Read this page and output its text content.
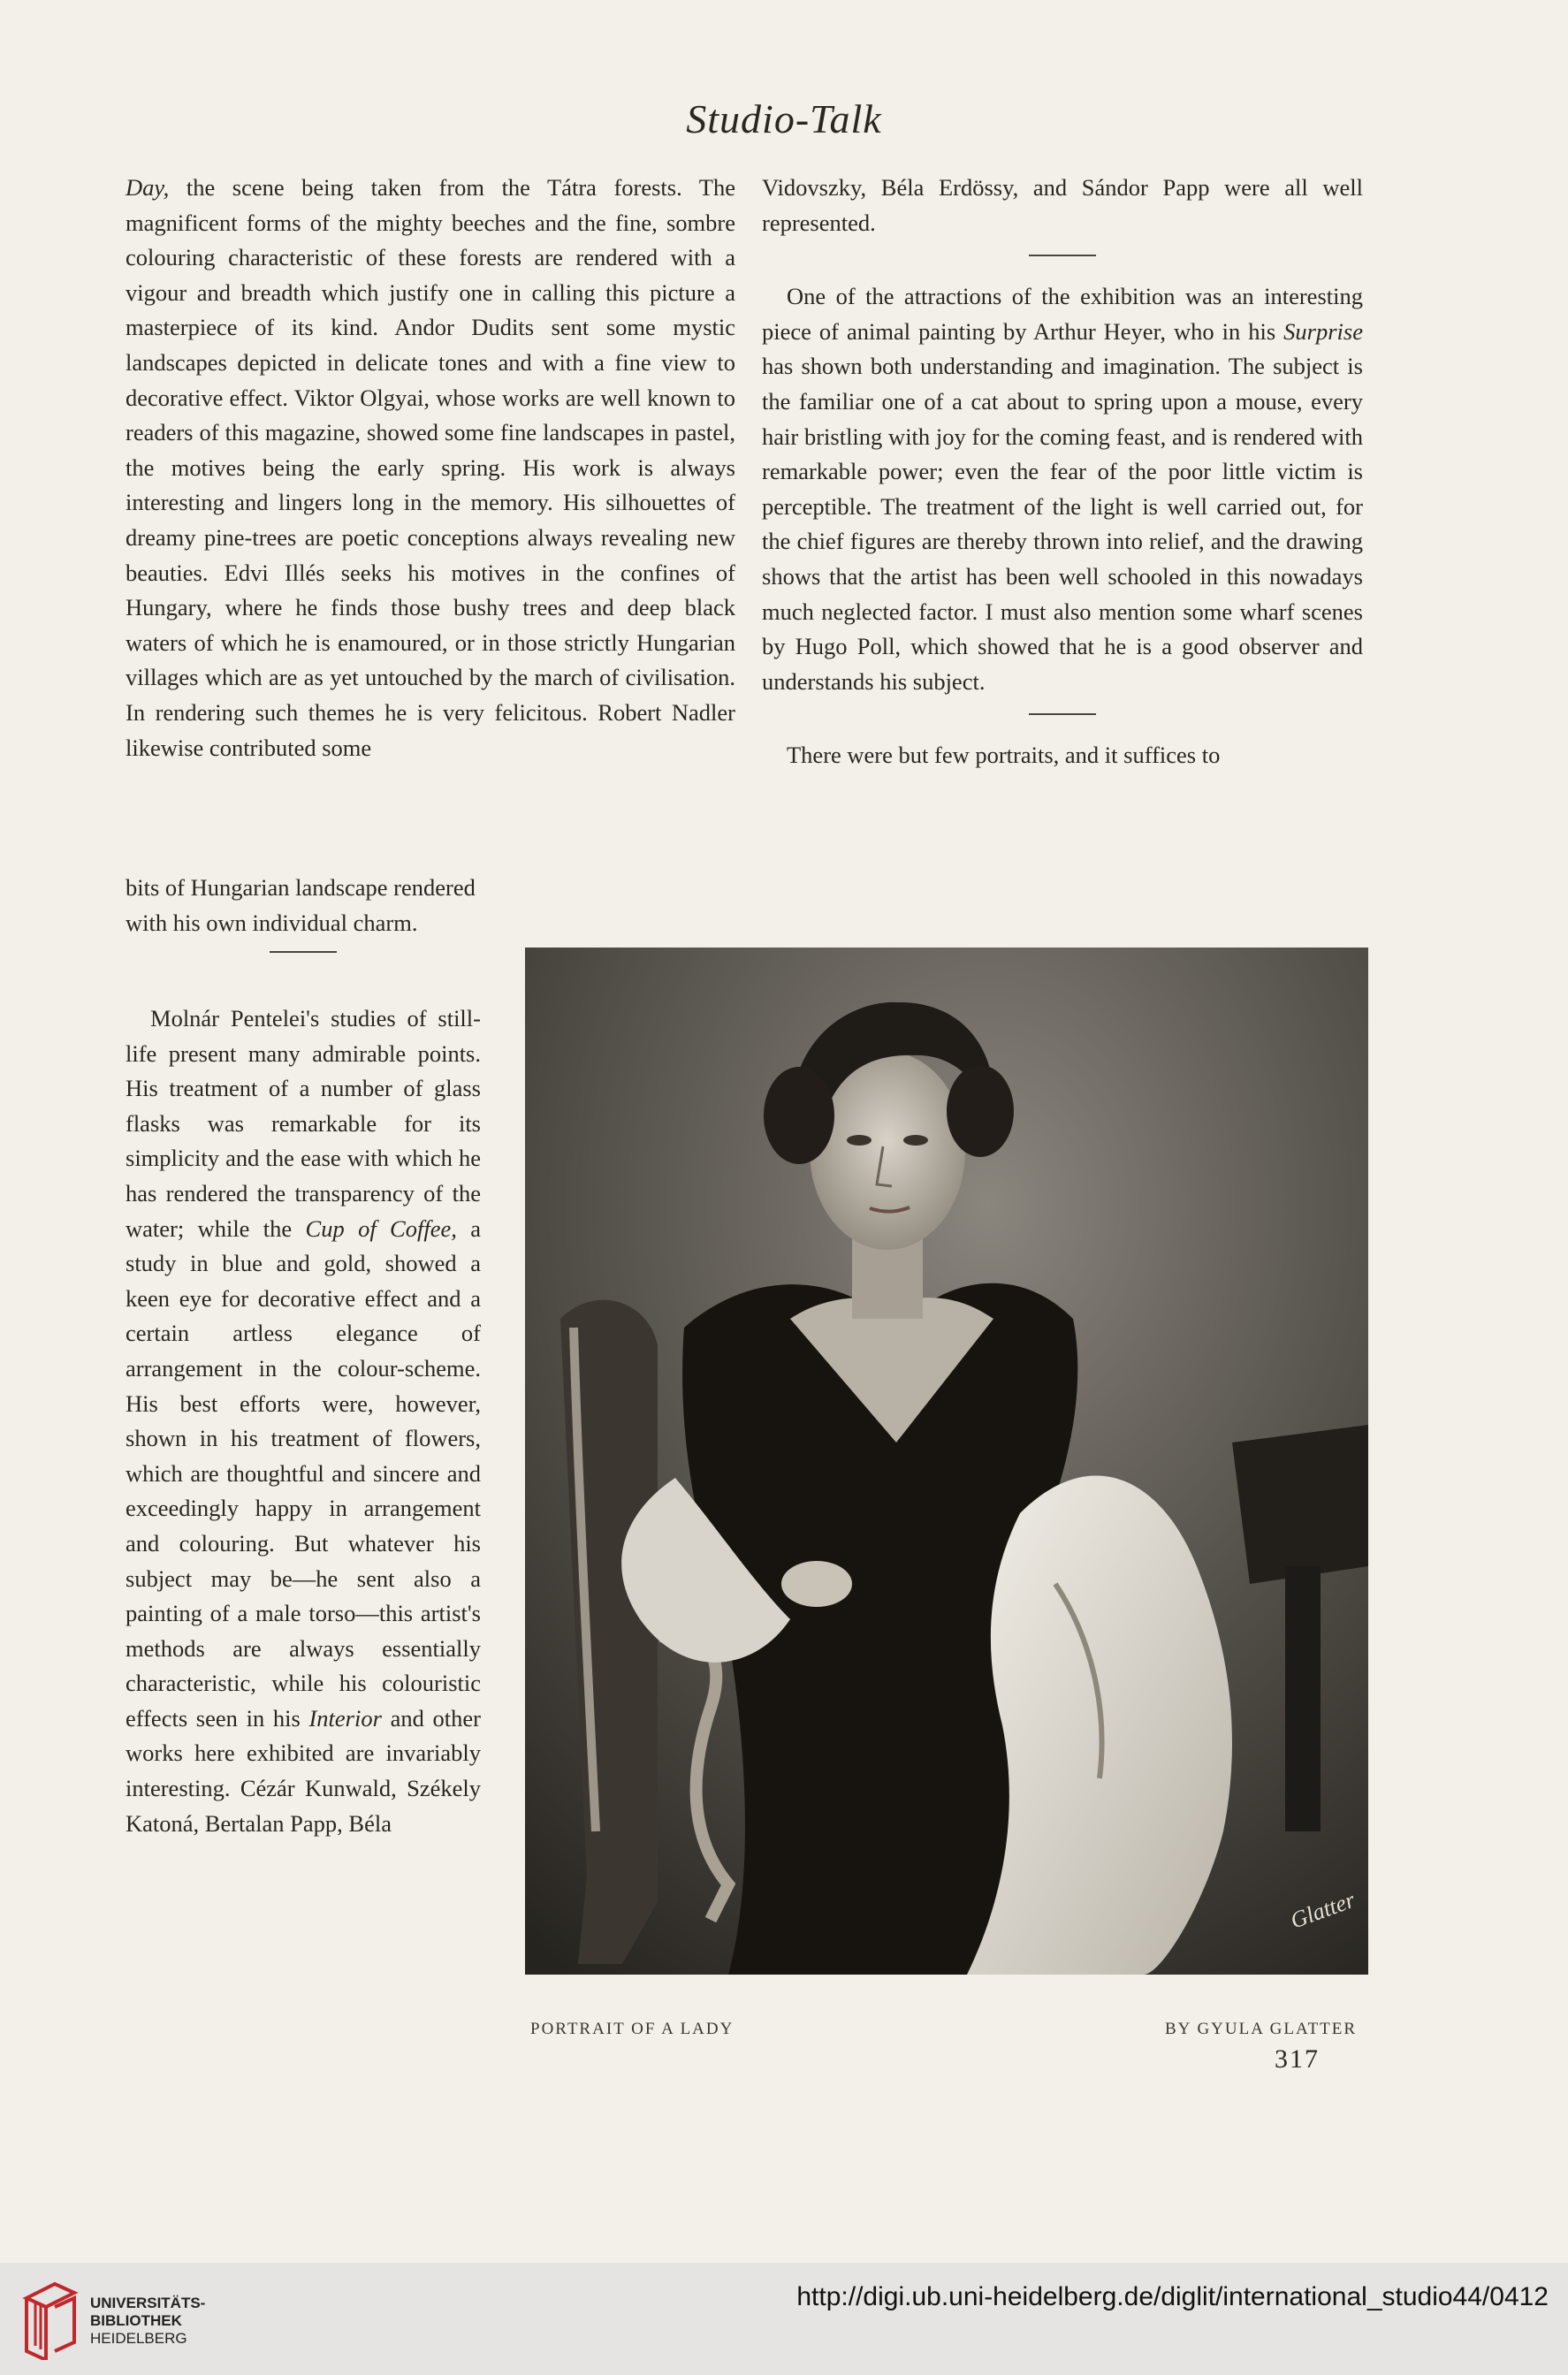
Studio-Talk

Day, the scene being taken from the Tátra forests. The magnificent forms of the mighty beeches and the fine, sombre colouring characteristic of these forests are rendered with a vigour and breadth which justify one in calling this picture a masterpiece of its kind. Andor Dudits sent some mystic landscapes depicted in delicate tones and with a fine view to decorative effect. Viktor Olgyai, whose works are well known to readers of this magazine, showed some fine landscapes in pastel, the motives being the early spring. His work is always interesting and lingers long in the memory. His silhouettes of dreamy pine-trees are poetic conceptions always revealing new beauties. Edvi Illés seeks his motives in the confines of Hungary, where he finds those bushy trees and deep black waters of which he is enamoured, or in those strictly Hungarian villages which are as yet untouched by the march of civilisation. In rendering such themes he is very felicitous. Robert Nadler likewise contributed some

bits of Hungarian landscape rendered with his own individual charm.

Molnár Pentelei's studies of still-life present many admirable points. His treatment of a number of glass flasks was remarkable for its simplicity and the ease with which he has rendered the transparency of the water; while the Cup of Coffee, a study in blue and gold, showed a keen eye for decorative effect and a certain artless elegance of arrangement in the colour-scheme. His best efforts were, however, shown in his treatment of flowers, which are thoughtful and sincere and exceedingly happy in arrangement and colouring. But whatever his subject may be—he sent also a painting of a male torso—this artist's methods are always essentially characteristic, while his colouristic effects seen in his Interior and other works here exhibited are invariably interesting. Cézár Kunwald, Székely Katoná, Bertalan Papp, Béla

Vidovszky, Béla Erdössy, and Sándor Papp were all well represented.

One of the attractions of the exhibition was an interesting piece of animal painting by Arthur Heyer, who in his Surprise has shown both understanding and imagination. The subject is the familiar one of a cat about to spring upon a mouse, every hair bristling with joy for the coming feast, and is rendered with remarkable power; even the fear of the poor little victim is perceptible. The treatment of the light is well carried out, for the chief figures are thereby thrown into relief, and the drawing shows that the artist has been well schooled in this nowadays much neglected factor. I must also mention some wharf scenes by Hugo Poll, which showed that he is a good observer and understands his subject.

There were but few portraits, and it suffices to

Glatter
PORTRAIT OF A LADY	BY GYULA GLATTER
317
UNIVERSITÄTS-
BIBLIOTHEK
HEIDELBERG
http://digi.ub.uni-heidelberg.de/diglit/international_studio44/0412
